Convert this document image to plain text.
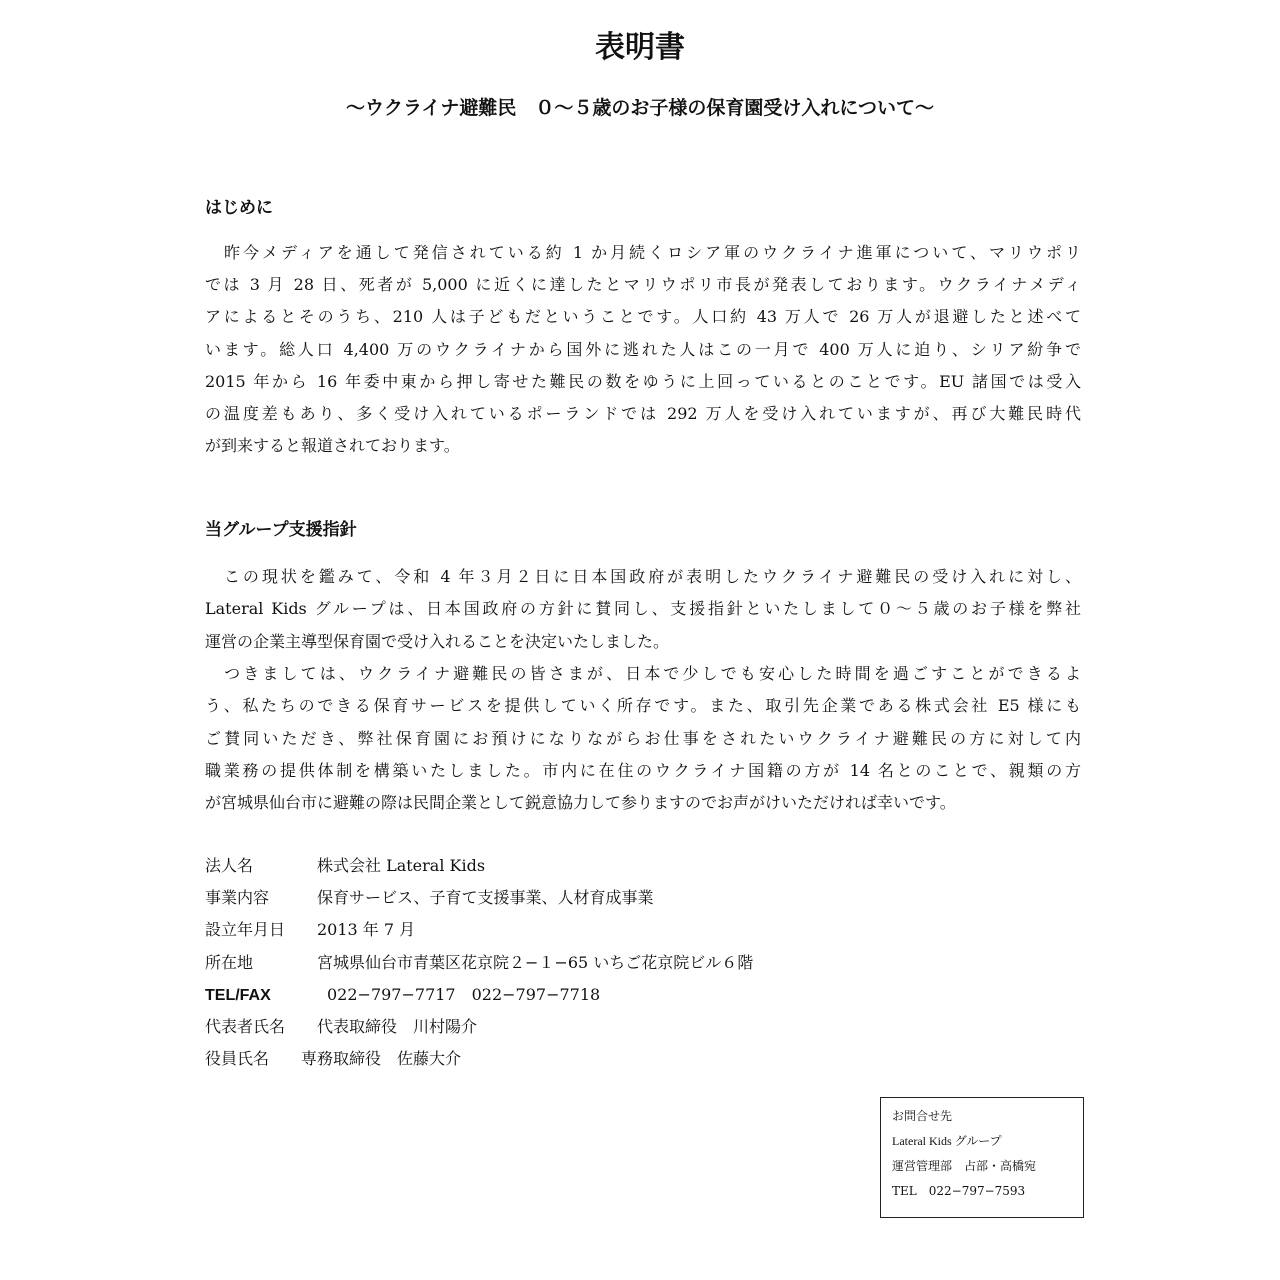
表明書
～ウクライナ避難民　０～５歳のお子様の保育園受け入れについて～
はじめに
　昨今メディアを通して発信されている約 1 か月続くロシア軍のウクライナ進軍について、マリウポリ
では 3 月 28 日、死者が 5,000 に近くに達したとマリウポリ市長が発表しております。ウクライナメディ
アによるとそのうち、210 人は子どもだということです。人口約 43 万人で 26 万人が退避したと述べて
います。総人口 4,400 万のウクライナから国外に逃れた人はこの一月で 400 万人に迫り、シリア紛争で
2015 年から 16 年委中東から押し寄せた難民の数をゆうに上回っているとのことです。EU 諸国では受入
の温度差もあり、多く受け入れているポーランドでは 292 万人を受け入れていますが、再び大難民時代
が到来すると報道されております。
当グループ支援指針
　この現状を鑑みて、令和 4 年３月２日に日本国政府が表明したウクライナ避難民の受け入れに対し、
Lateral Kids グループは、日本国政府の方針に賛同し、支援指針といたしまして０～５歳のお子様を弊社
運営の企業主導型保育園で受け入れることを決定いたしました。
　つきましては、ウクライナ避難民の皆さまが、日本で少しでも安心した時間を過ごすことができるよ
う、私たちのできる保育サービスを提供していく所存です。また、取引先企業である株式会社 E5 様にも
ご賛同いただき、弊社保育園にお預けになりながらお仕事をされたいウクライナ避難民の方に対して内
職業務の提供体制を構築いたしました。市内に在住のウクライナ国籍の方が 14 名とのことで、親類の方
が宮城県仙台市に避難の際は民間企業として鋭意協力して参りますのでお声がけいただければ幸いです。
法人名	株式会社 Lateral Kids
事業内容	保育サービス、子育て支援事業、人材育成事業
設立年月日 2013 年 7 月
所在地	宮城県仙台市青葉区花京院２−１−65 いちご花京院ビル６階
TEL/FAX	022−797−7717　022−797−7718
代表者氏名 代表取締役　川村陽介
役員氏名 専務取締役　佐藤大介
お問合せ先
Lateral Kids グループ
運営管理部　占部・高橋宛
TEL　022−797−7593
